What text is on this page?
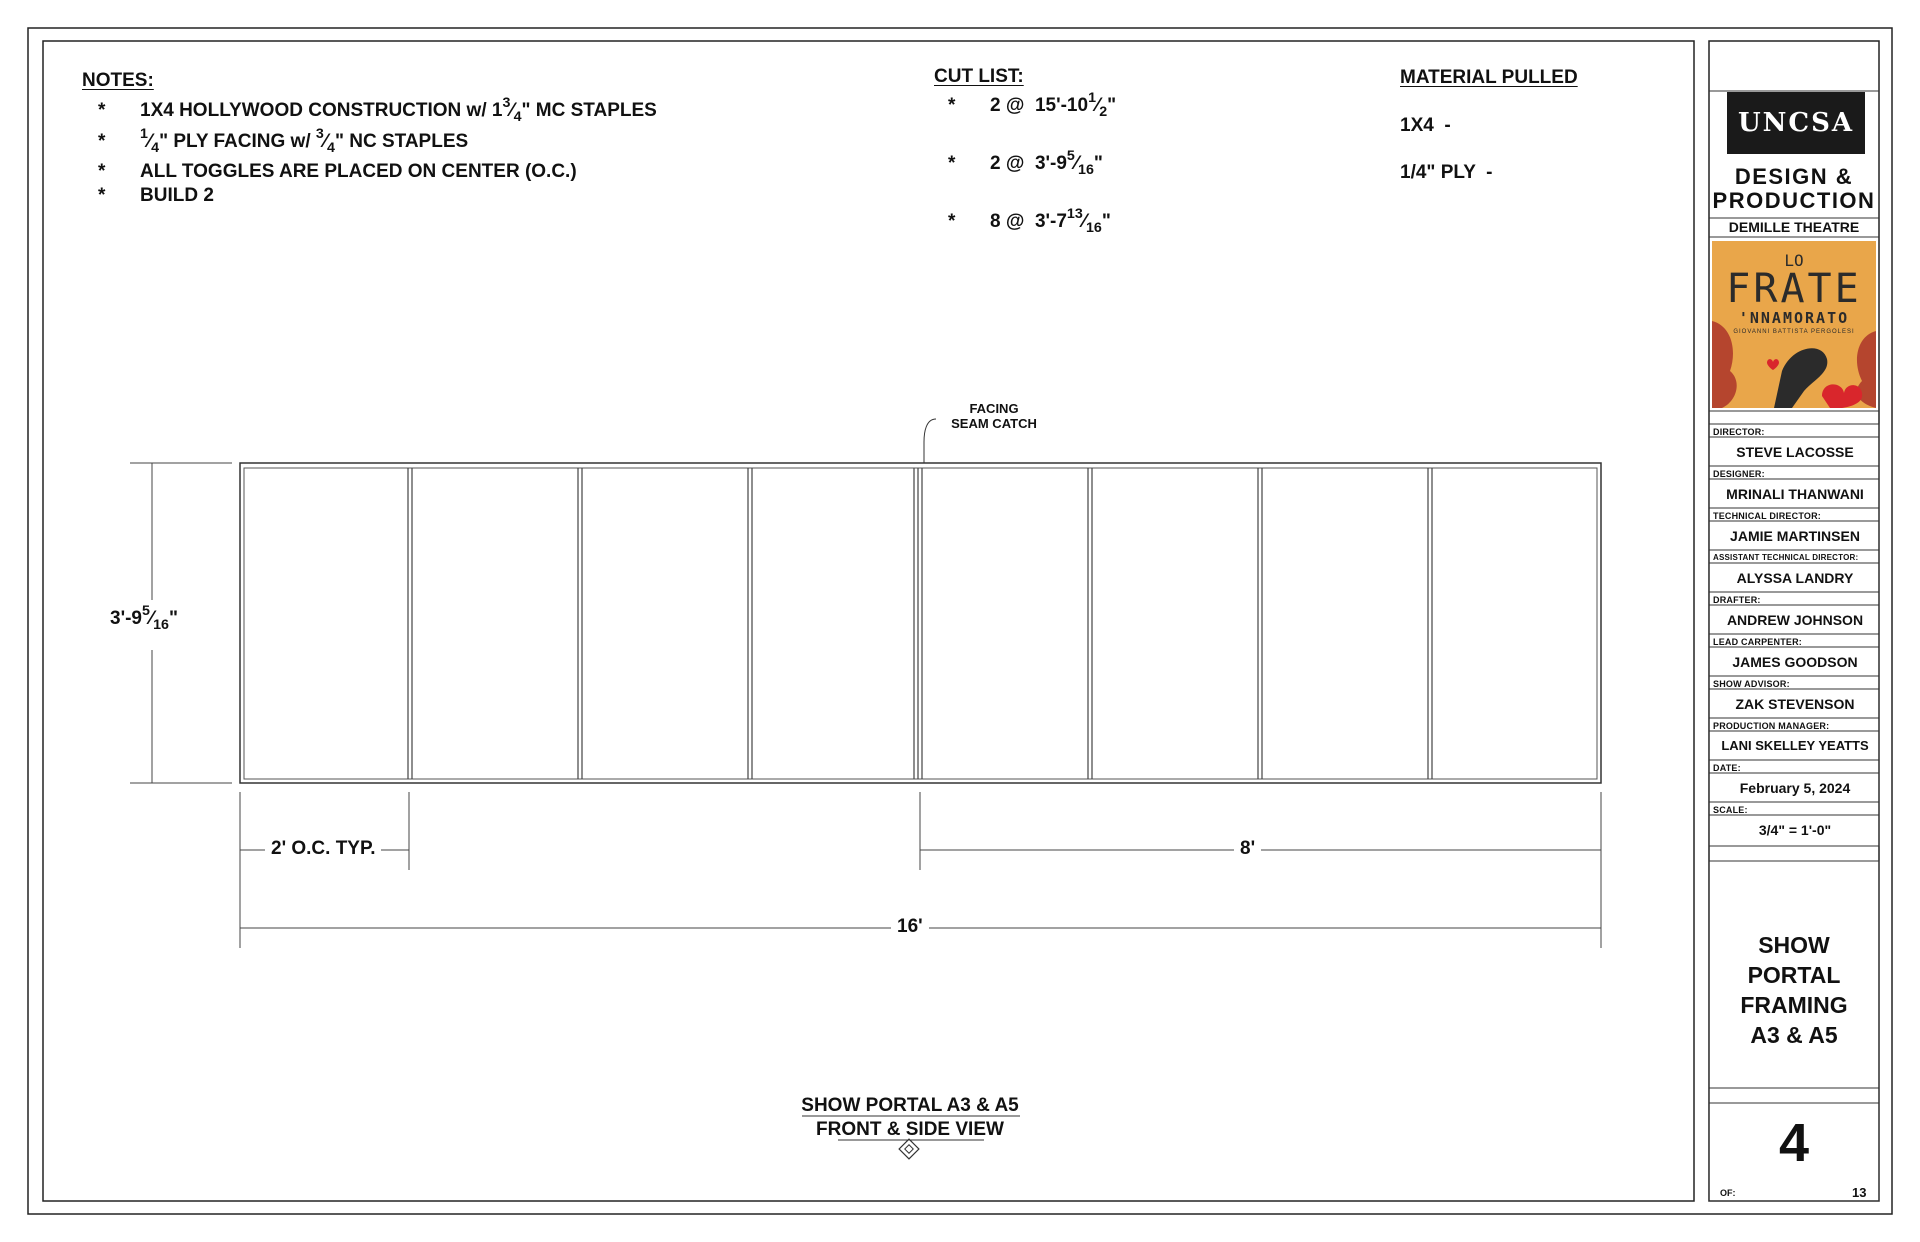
NOTES:
* 1X4 HOLLYWOOD CONSTRUCTION w/ $1^3⁄_4$" MC STAPLES
* $^1⁄_4$" PLY FACING w/ $^3⁄_4$" NC STAPLES
* ALL TOGGLES ARE PLACED ON CENTER (O.C.)
* BUILD 2
CUT LIST:
* 2 @ $15'-10^1⁄_2$"
* 2 @ $3'-9^5⁄_{16}$"
* 8 @ $3'-7^{13}⁄_{16}$"
MATERIAL PULLED
1X4  -
1/4" PLY  -
FACING
SEAM CATCH
$3'-9^5⁄_{16}$"
2' O.C. TYP.	8'
16'
SHOW PORTAL A3 & A5
FRONT & SIDE VIEW
UNCSA
DESIGN &
PRODUCTION
DEMILLE THEATRE
LO
FRATE
'NNAMORATO
GIOVANNI BATTISTA PERGOLESI
DIRECTOR:
STEVE LACOSSE
DESIGNER:
MRINALI THANWANI
TECHNICAL DIRECTOR:
JAMIE MARTINSEN
ASSISTANT TECHNICAL DIRECTOR:
ALYSSA LANDRY
DRAFTER:
ANDREW JOHNSON
LEAD CARPENTER:
JAMES GOODSON
SHOW ADVISOR:
ZAK STEVENSON
PRODUCTION MANAGER:
LANI SKELLEY YEATTS
DATE:
February 5, 2024
SCALE:
3/4" = 1'-0"
SHOW PORTAL
FRAMING
A3 & A5
4
OF:	13
